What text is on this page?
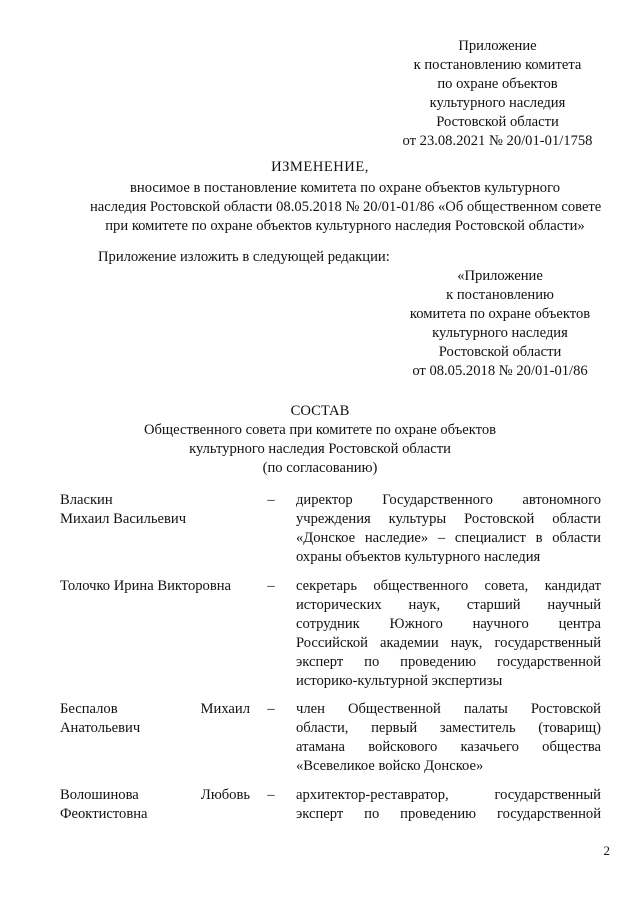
Приложение
к постановлению комитета
по охране объектов
культурного наследия
Ростовской области
от 23.08.2021 № 20/01-01/1758
ИЗМЕНЕНИЕ,
вносимое в постановление комитета по охране объектов культурного
наследия Ростовской области 08.05.2018 № 20/01-01/86 «Об общественном совете
при комитете по охране объектов культурного наследия Ростовской области»
Приложение изложить в следующей редакции:
«Приложение
к постановлению
комитета по охране объектов
культурного наследия
Ростовской области
от 08.05.2018 № 20/01-01/86
СОСТАВ
Общественного совета при комитете по охране объектов
культурного наследия Ростовской области
(по согласованию)
Власкин
Михаил Васильевич
– директор Государственного автономного
учреждения культуры Ростовской области
«Донское наследие» – специалист в области
охраны объектов культурного наследия
Толочко Ирина Викторовна	– секретарь общественного совета, кандидат
исторических наук, старший научный
сотрудник Южного научного центра
Российской академии наук, государственный
эксперт по проведению государственной
историко-культурной экспертизы
Беспалов Михаил
Анатольевич
– член Общественной палаты Ростовской
области, первый заместитель (товарищ)
атамана войскового казачьего общества
«Всевеликое войско Донское»
Волошинова Любовь
Феоктистовна
– архитектор-реставратор, государственный
эксперт по проведению государственной
2
